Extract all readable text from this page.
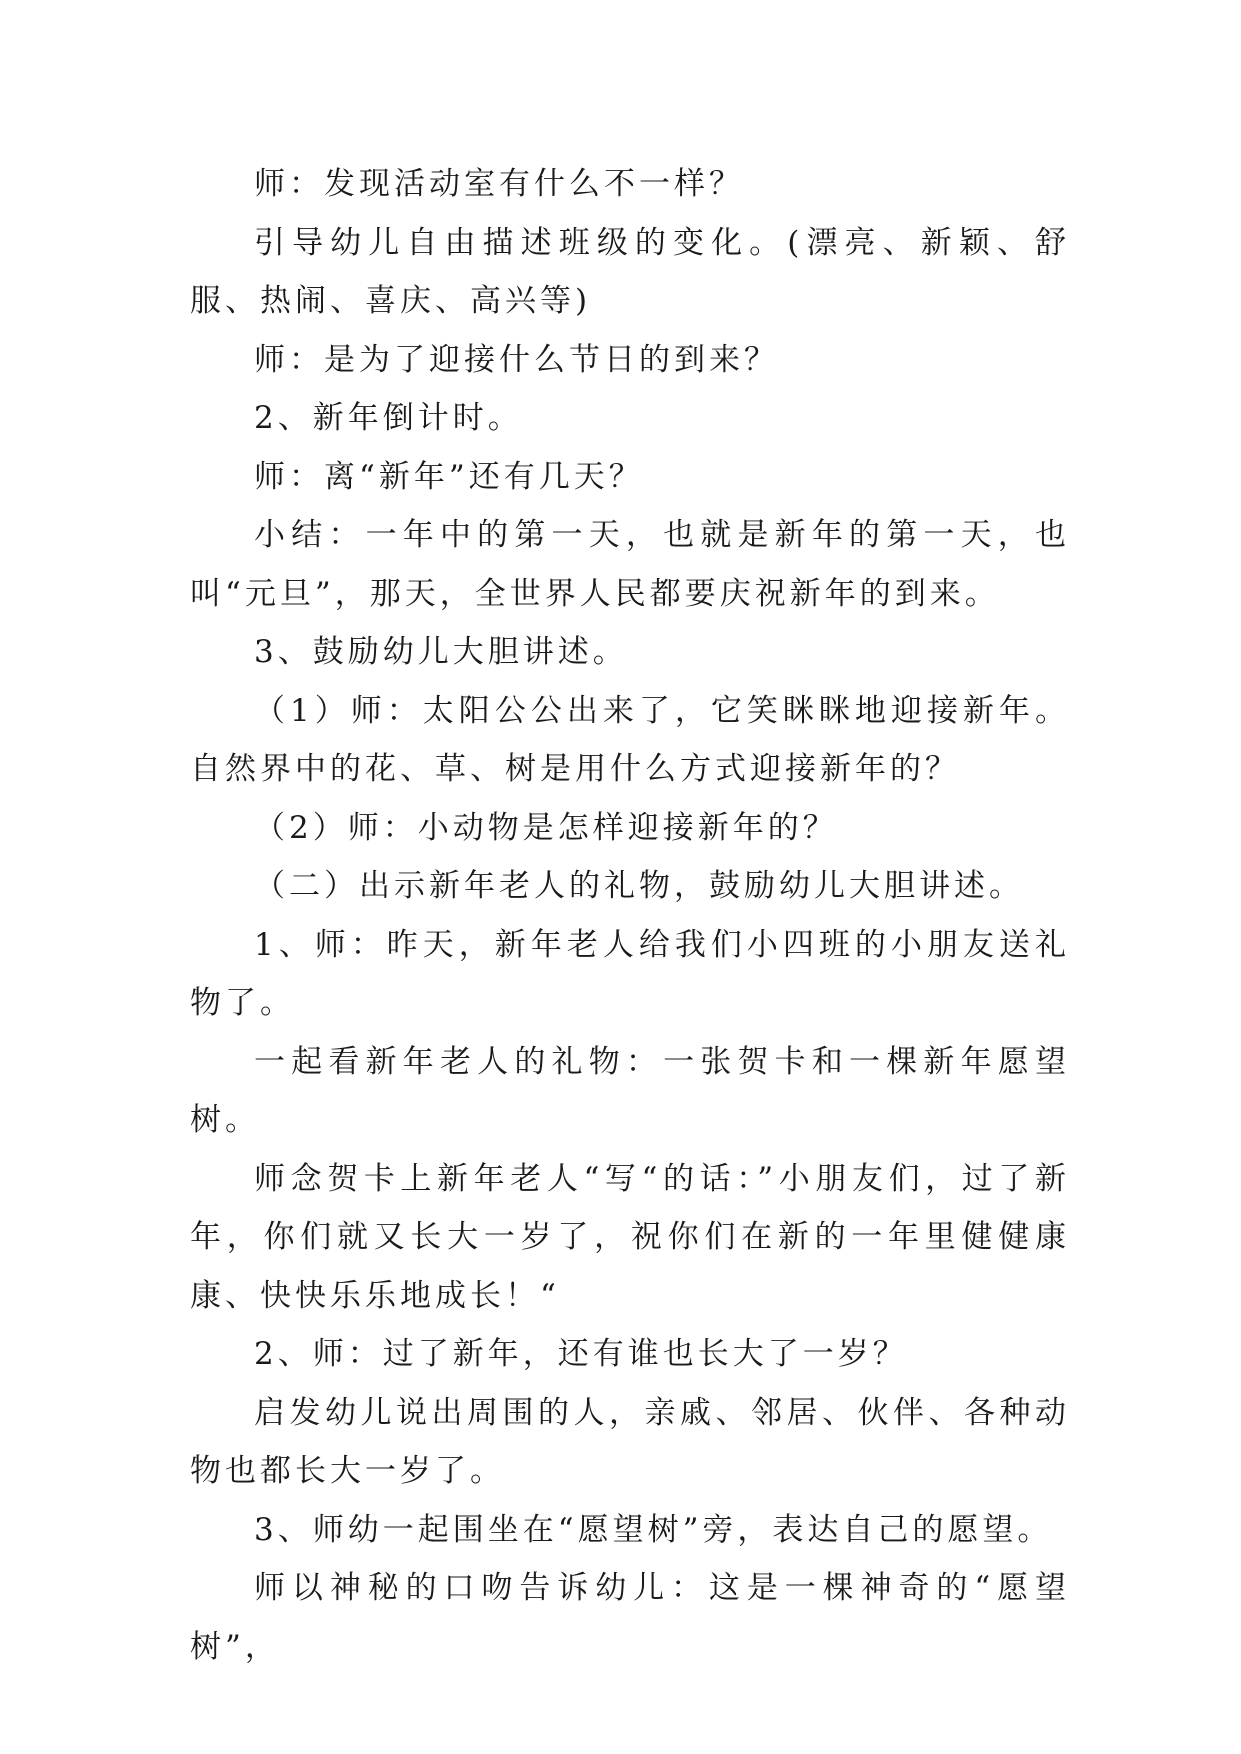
师：发现活动室有什么不一样？

引导幼儿自由描述班级的变化。(漂亮、新颖、舒服、热闹、喜庆、高兴等)

师：是为了迎接什么节日的到来？

2、新年倒计时。

师：离“新年”还有几天？

小结：一年中的第一天，也就是新年的第一天，也叫“元旦”，那天，全世界人民都要庆祝新年的到来。

3、鼓励幼儿大胆讲述。

（1）师：太阳公公出来了，它笑眯眯地迎接新年。自然界中的花、草、树是用什么方式迎接新年的？

（2）师：小动物是怎样迎接新年的？

（二）出示新年老人的礼物，鼓励幼儿大胆讲述。

1、师：昨天，新年老人给我们小四班的小朋友送礼物了。

一起看新年老人的礼物：一张贺卡和一棵新年愿望树。

师念贺卡上新年老人“写“的话：”小朋友们，过了新年，你们就又长大一岁了，祝你们在新的一年里健健康康、快快乐乐地成长！“

2、师：过了新年，还有谁也长大了一岁？

启发幼儿说出周围的人，亲戚、邻居、伙伴、各种动物也都长大一岁了。

3、师幼一起围坐在“愿望树”旁，表达自己的愿望。

师以神秘的口吻告诉幼儿：这是一棵神奇的“愿望树”，
